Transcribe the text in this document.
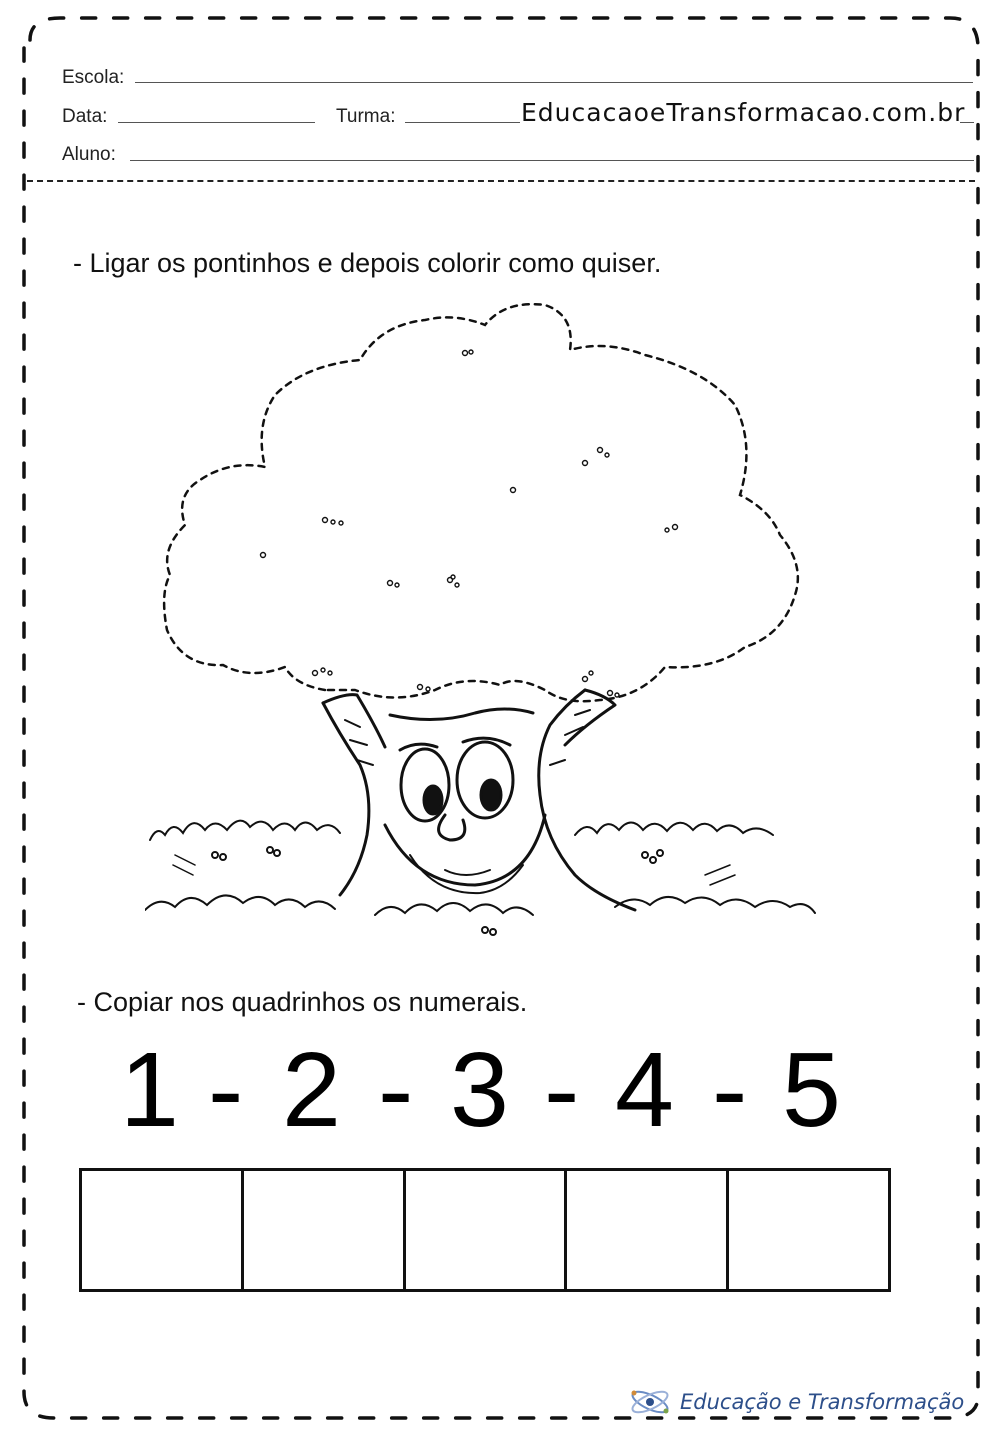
Escola:
Data:	Turma:	EducacaoeTransformacao.com.br
Aluno:
- Ligar os pontinhos e depois colorir como quiser.
- Copiar nos quadrinhos os numerais.
1 - 2 - 3 - 4 - 5
Educação e Transformação
